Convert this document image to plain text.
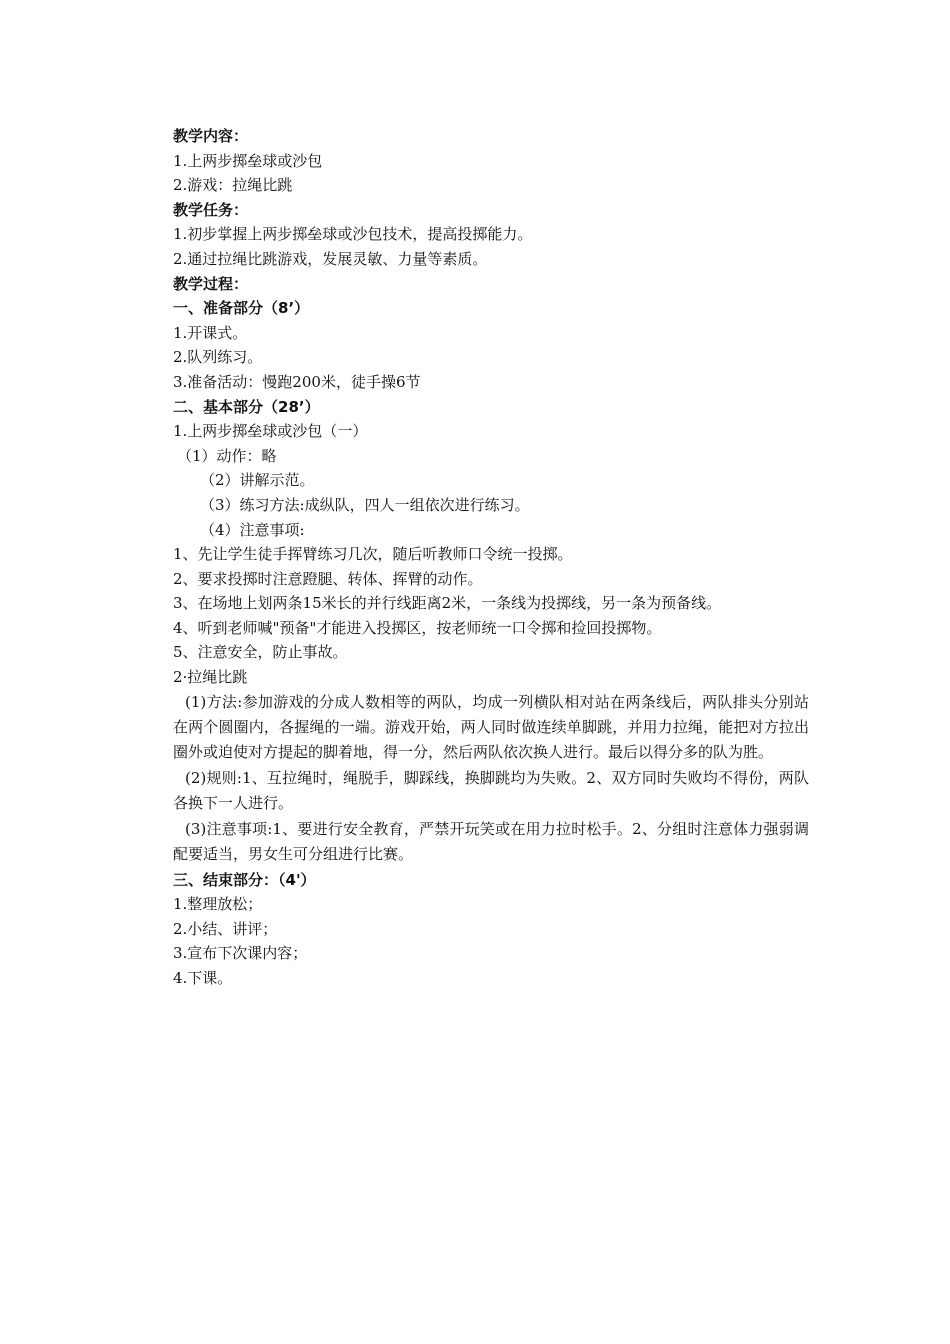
教学内容：
1.上两步掷垒球或沙包
2.游戏：拉绳比跳
教学任务：
1.初步掌握上两步掷垒球或沙包技术，提高投掷能力。
2.通过拉绳比跳游戏，发展灵敏、力量等素质。
教学过程：
一、准备部分（8’）
1.开课式。
2.队列练习。
3.准备活动：慢跑200米，徒手操6节
二、基本部分（28’）
1.上两步掷垒球或沙包（一）
（1）动作：略
（2）讲解示范。
（3）练习方法:成纵队，四人一组依次进行练习。
（4）注意事项:
1、先让学生徒手挥臂练习几次，随后听教师口令统一投掷。
2、要求投掷时注意蹬腿、转体、挥臂的动作。
3、在场地上划两条15米长的并行线距离2米，一条线为投掷线，另一条为预备线。
4、听到老师喊"预备"才能进入投掷区，按老师统一口令掷和捡回投掷物。
5、注意安全，防止事故。
2·拉绳比跳

(1)方法:参加游戏的分成人数相等的两队，均成一列横队相对站在两条线后，两队排头分别站在两个圆圈内，各握绳的一端。游戏开始，两人同时做连续单脚跳，并用力拉绳，能把对方拉出圈外或迫使对方提起的脚着地，得一分，然后两队依次换人进行。最后以得分多的队为胜。

(2)规则:1、互拉绳时，绳脱手，脚踩线，换脚跳均为失败。2、双方同时失败均不得份，两队各换下一人进行。

(3)注意事项:1、要进行安全教育，严禁开玩笑或在用力拉时松手。2、分组时注意体力强弱调配要适当，男女生可分组进行比赛。

三、结束部分：（4'）
1.整理放松；
2.小结、讲评；
3.宣布下次课内容；
4.下课。
